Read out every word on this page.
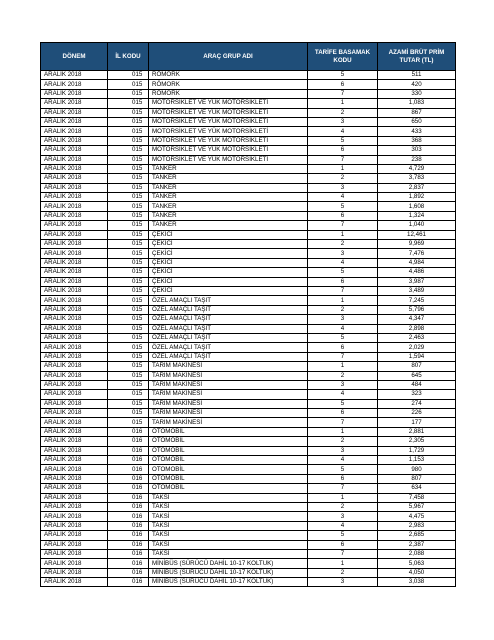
DÖNEM	İL KODU	ARAÇ GRUP ADI	TARİFE BASAMAK KODU	AZAMİ BRÜT PRİM TUTAR (TL)
ARALIK 2018	015	RÖMORK	5	511
ARALIK 2018	015	RÖMORK	6	420
ARALIK 2018	015	RÖMORK	7	330
ARALIK 2018	015	MOTORSİKLET VE YÜK MOTORSİKLETİ	1	1,083
ARALIK 2018	015	MOTORSİKLET VE YÜK MOTORSİKLETİ	2	867
ARALIK 2018	015	MOTORSİKLET VE YÜK MOTORSİKLETİ	3	650
ARALIK 2018	015	MOTORSİKLET VE YÜK MOTORSİKLETİ	4	433
ARALIK 2018	015	MOTORSİKLET VE YÜK MOTORSİKLETİ	5	368
ARALIK 2018	015	MOTORSİKLET VE YÜK MOTORSİKLETİ	6	303
ARALIK 2018	015	MOTORSİKLET VE YÜK MOTORSİKLETİ	7	238
ARALIK 2018	015	TANKER	1	4,729
ARALIK 2018	015	TANKER	2	3,783
ARALIK 2018	015	TANKER	3	2,837
ARALIK 2018	015	TANKER	4	1,892
ARALIK 2018	015	TANKER	5	1,608
ARALIK 2018	015	TANKER	6	1,324
ARALIK 2018	015	TANKER	7	1,040
ARALIK 2018	015	ÇEKİCİ	1	12,461
ARALIK 2018	015	ÇEKİCİ	2	9,969
ARALIK 2018	015	ÇEKİCİ	3	7,476
ARALIK 2018	015	ÇEKİCİ	4	4,984
ARALIK 2018	015	ÇEKİCİ	5	4,486
ARALIK 2018	015	ÇEKİCİ	6	3,987
ARALIK 2018	015	ÇEKİCİ	7	3,489
ARALIK 2018	015	ÖZEL AMAÇLI TAŞIT	1	7,245
ARALIK 2018	015	ÖZEL AMAÇLI TAŞIT	2	5,796
ARALIK 2018	015	ÖZEL AMAÇLI TAŞIT	3	4,347
ARALIK 2018	015	ÖZEL AMAÇLI TAŞIT	4	2,898
ARALIK 2018	015	ÖZEL AMAÇLI TAŞIT	5	2,463
ARALIK 2018	015	ÖZEL AMAÇLI TAŞIT	6	2,029
ARALIK 2018	015	ÖZEL AMAÇLI TAŞIT	7	1,594
ARALIK 2018	015	TARIM MAKİNESİ	1	807
ARALIK 2018	015	TARIM MAKİNESİ	2	645
ARALIK 2018	015	TARIM MAKİNESİ	3	484
ARALIK 2018	015	TARIM MAKİNESİ	4	323
ARALIK 2018	015	TARIM MAKİNESİ	5	274
ARALIK 2018	015	TARIM MAKİNESİ	6	226
ARALIK 2018	015	TARIM MAKİNESİ	7	177
ARALIK 2018	016	OTOMOBİL	1	2,881
ARALIK 2018	016	OTOMOBİL	2	2,305
ARALIK 2018	016	OTOMOBİL	3	1,729
ARALIK 2018	016	OTOMOBİL	4	1,153
ARALIK 2018	016	OTOMOBİL	5	980
ARALIK 2018	016	OTOMOBİL	6	807
ARALIK 2018	016	OTOMOBİL	7	634
ARALIK 2018	016	TAKSİ	1	7,458
ARALIK 2018	016	TAKSİ	2	5,967
ARALIK 2018	016	TAKSİ	3	4,475
ARALIK 2018	016	TAKSİ	4	2,983
ARALIK 2018	016	TAKSİ	5	2,685
ARALIK 2018	016	TAKSİ	6	2,387
ARALIK 2018	016	TAKSİ	7	2,088
ARALIK 2018	016	MİNİBÜS (SÜRÜCÜ DAHİL 10-17 KOLTUK)	1	5,063
ARALIK 2018	016	MİNİBÜS (SÜRÜCÜ DAHİL 10-17 KOLTUK)	2	4,050
ARALIK 2018	016	MİNİBÜS (SÜRÜCÜ DAHİL 10-17 KOLTUK)	3	3,038
